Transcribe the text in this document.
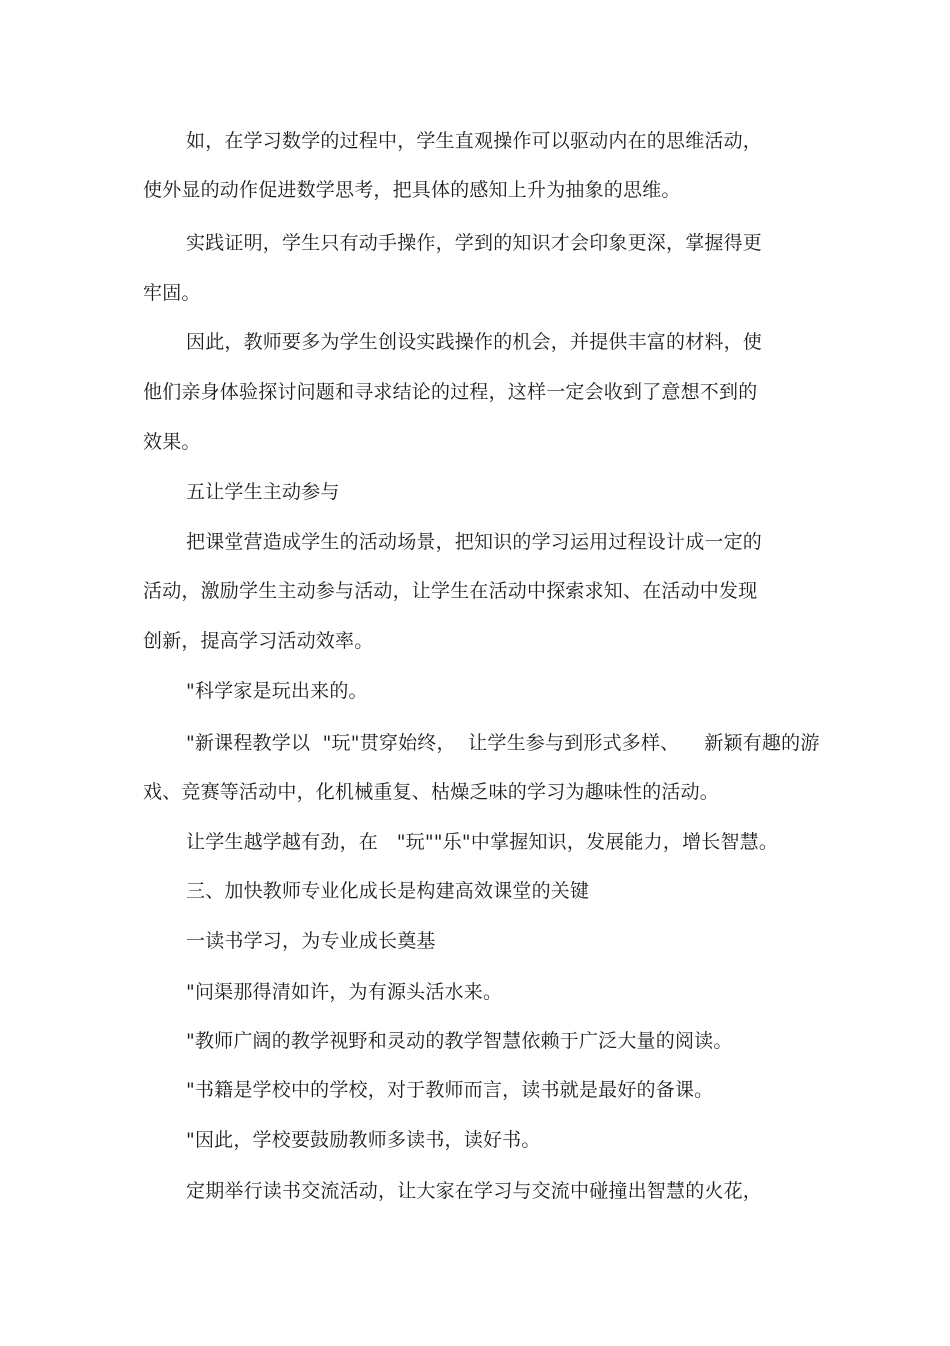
如，在学习数学的过程中，学生直观操作可以驱动内在的思维活动，
使外显的动作促进数学思考，把具体的感知上升为抽象的思维。
实践证明，学生只有动手操作，学到的知识才会印象更深，掌握得更
牢固。
因此，教师要多为学生创设实践操作的机会，并提供丰富的材料，使
他们亲身体验探讨问题和寻求结论的过程，这样一定会收到了意想不到的
效果。
五让学生主动参与
把课堂营造成学生的活动场景，把知识的学习运用过程设计成一定的
活动，激励学生主动参与活动，让学生在活动中探索求知、在活动中发现
创新，提高学习活动效率。
"科学家是玩出来的。
"新课程教学以  "玩"贯穿始终，  让学生参与到形式多样、    新颖有趣的游
戏、竞赛等活动中，化机械重复、枯燥乏味的学习为趣味性的活动。
让学生越学越有劲，在   "玩""乐"中掌握知识，发展能力，增长智慧。
三、加快教师专业化成长是构建高效课堂的关键
一读书学习，为专业成长奠基
"问渠那得清如许，为有源头活水来。
"教师广阔的教学视野和灵动的教学智慧依赖于广泛大量的阅读。
"书籍是学校中的学校，对于教师而言，读书就是最好的备课。
"因此，学校要鼓励教师多读书，读好书。
定期举行读书交流活动，让大家在学习与交流中碰撞出智慧的火花，
